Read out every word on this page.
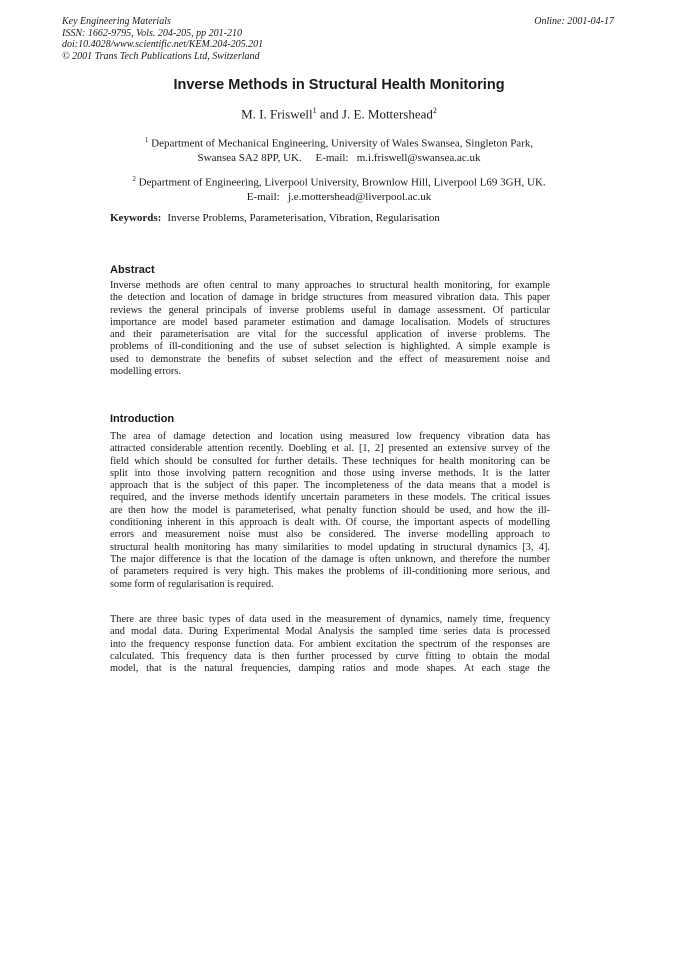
Key Engineering Materials
ISSN: 1662-9795, Vols. 204-205, pp 201-210
doi:10.4028/www.scientific.net/KEM.204-205.201
© 2001 Trans Tech Publications Ltd, Switzerland
Online: 2001-04-17
Inverse Methods in Structural Health Monitoring
M. I. Friswell$^1$ and J. E. Mottershead$^2$
$^1$ Department of Mechanical Engineering, University of Wales Swansea, Singleton Park,
Swansea SA2 8PP, UK.     E-mail:   m.i.friswell@swansea.ac.uk
$^2$ Department of Engineering, Liverpool University, Brownlow Hill, Liverpool L69 3GH, UK.
E-mail:   j.e.mottershead@liverpool.ac.uk
Keywords: Inverse Problems, Parameterisation, Vibration, Regularisation
Abstract
Inverse methods are often central to many approaches to structural health monitoring, for example
the detection and location of damage in bridge structures from measured vibration data. This paper
reviews the general principals of inverse problems useful in damage assessment. Of particular
importance are model based parameter estimation and damage localisation. Models of structures
and their parameterisation are vital for the successful application of inverse problems. The
problems of ill-conditioning and the use of subset selection is highlighted. A simple example is
used to demonstrate the benefits of subset selection and the effect of measurement noise and
modelling errors.
Introduction
The area of damage detection and location using measured low frequency vibration data has
attracted considerable attention recently. Doebling et al. [1, 2] presented an extensive survey of the
field which should be consulted for further details. These techniques for health monitoring can be
split into those involving pattern recognition and those using inverse methods. It is the latter
approach that is the subject of this paper. The incompleteness of the data means that a model is
required, and the inverse methods identify uncertain parameters in these models. The critical issues
are then how the model is parameterised, what penalty function should be used, and how the ill-
conditioning inherent in this approach is dealt with. Of course, the important aspects of modelling
errors and measurement noise must also be considered. The inverse modelling approach to
structural health monitoring has many similarities to model updating in structural dynamics [3, 4].
The major difference is that the location of the damage is often unknown, and therefore the number
of parameters required is very high. This makes the problems of ill-conditioning more serious, and
some form of regularisation is required.
There are three basic types of data used in the measurement of dynamics, namely time, frequency
and modal data. During Experimental Modal Analysis the sampled time series data is processed
into the frequency response function data. For ambient excitation the spectrum of the responses are
calculated. This frequency data is then further processed by curve fitting to obtain the modal
model, that is the natural frequencies, damping ratios and mode shapes. At each stage the
